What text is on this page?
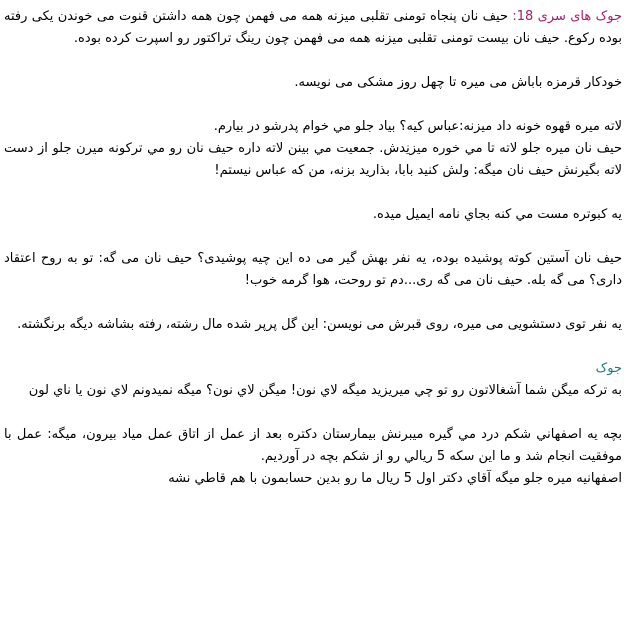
جوک های سری 18: حیف نان پنجاه تومنی تقلبی میزنه همه می فهمن چون همه داشتن قنوت می خوندن یکی رفته بوده رکوع. حیف نان بیست تومنی تقلبی میزنه همه می فهمن چون رینگ تراکتور رو اسپرت کرده بوده.

خودکار قرمزه باباش می میره تا چهل روز مشکی می نویسه.

لاته میره قهوه خونه داد میزنه:عباس کیه؟ بیاد جلو مي خوام پدرشو در بیارم.
حیف نان میره جلو لاته تا مي خوره میزنِدش. جمعیت مي بینن لاته داره حیف نان رو مي ترکونه میرن جلو از دست لاته بگیرنش حیف نان میگه: ولش کنید بابا، بذارید بزنه، من که عباس نیستم!

یه کبوتره مست مي کنه بجاي نامه ایمیل میده.

حیف نان آستین کوته پوشیده بوده، یه نفر بهش گیر می ده این چیه پوشیدی؟ حیف نان می گه: تو به روح اعتقاد داری؟ می گه بله. حیف نان می گه ری...دم تو روحت، هوا گرمه خوب!

یه نفر توی دستشویی می میره، روی قبرش می نویسن: این گل پرپر شده مال رشته، رفته بشاشه دیگه برنگشته.

جوک

به ترکه میگن شما آشغالاتون رو تو چي میریزید میگه لاي نون! میگن لاي نون؟ میگه نمیدونم لاي نون یا ناي لون

بچه یه اصفهاني شکم درد مي گیره میبرنش بیمارستان دکتره بعد از عمل از اتاق عمل میاد بیرون، میگه: عمل با موفقیت انجام شد و ما این سکه 5 ریالي رو از شکم بچه در آوردیم.
اصفهانیه میره جلو میگه آقاي دکتر اول 5 ریال ما رو بدین حسابمون با هم قاطي نشه
